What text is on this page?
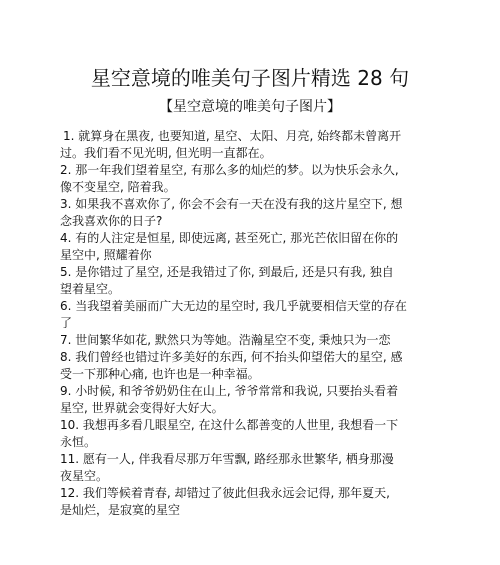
星空意境的唯美句子图片精选 28 句
【星空意境的唯美句子图片】
1. 就算身在黑夜, 也要知道, 星空、太阳、月亮, 始终都未曾离开
过。我们看不见光明, 但光明一直都在。
2. 那一年我们望着星空, 有那么多的灿烂的梦。以为快乐会永久,
像不变星空, 陪着我。
3. 如果我不喜欢你了, 你会不会有一天在没有我的这片星空下, 想
念我喜欢你的日子?
4. 有的人注定是恒星, 即使远离, 甚至死亡, 那光芒依旧留在你的
星空中, 照耀着你
5. 是你错过了星空, 还是我错过了你, 到最后, 还是只有我, 独自
望着星空。
6. 当我望着美丽而广大无边的星空时, 我几乎就要相信天堂的存在
了
7. 世间繁华如花, 默然只为等她。浩瀚星空不变, 秉烛只为一恋
8. 我们曾经也错过许多美好的东西, 何不抬头仰望偌大的星空, 感
受一下那种心痛, 也许也是一种幸福。
9. 小时候, 和爷爷奶奶住在山上, 爷爷常常和我说, 只要抬头看着
星空, 世界就会变得好大好大。
10. 我想再多看几眼星空, 在这什么都善变的人世里, 我想看一下
永恒。
11. 愿有一人, 伴我看尽那万年雪飘, 路经那永世繁华, 栖身那漫
夜星空。
12. 我们等候着青春, 却错过了彼此但我永远会记得, 那年夏天,
是灿烂，是寂寞的星空
